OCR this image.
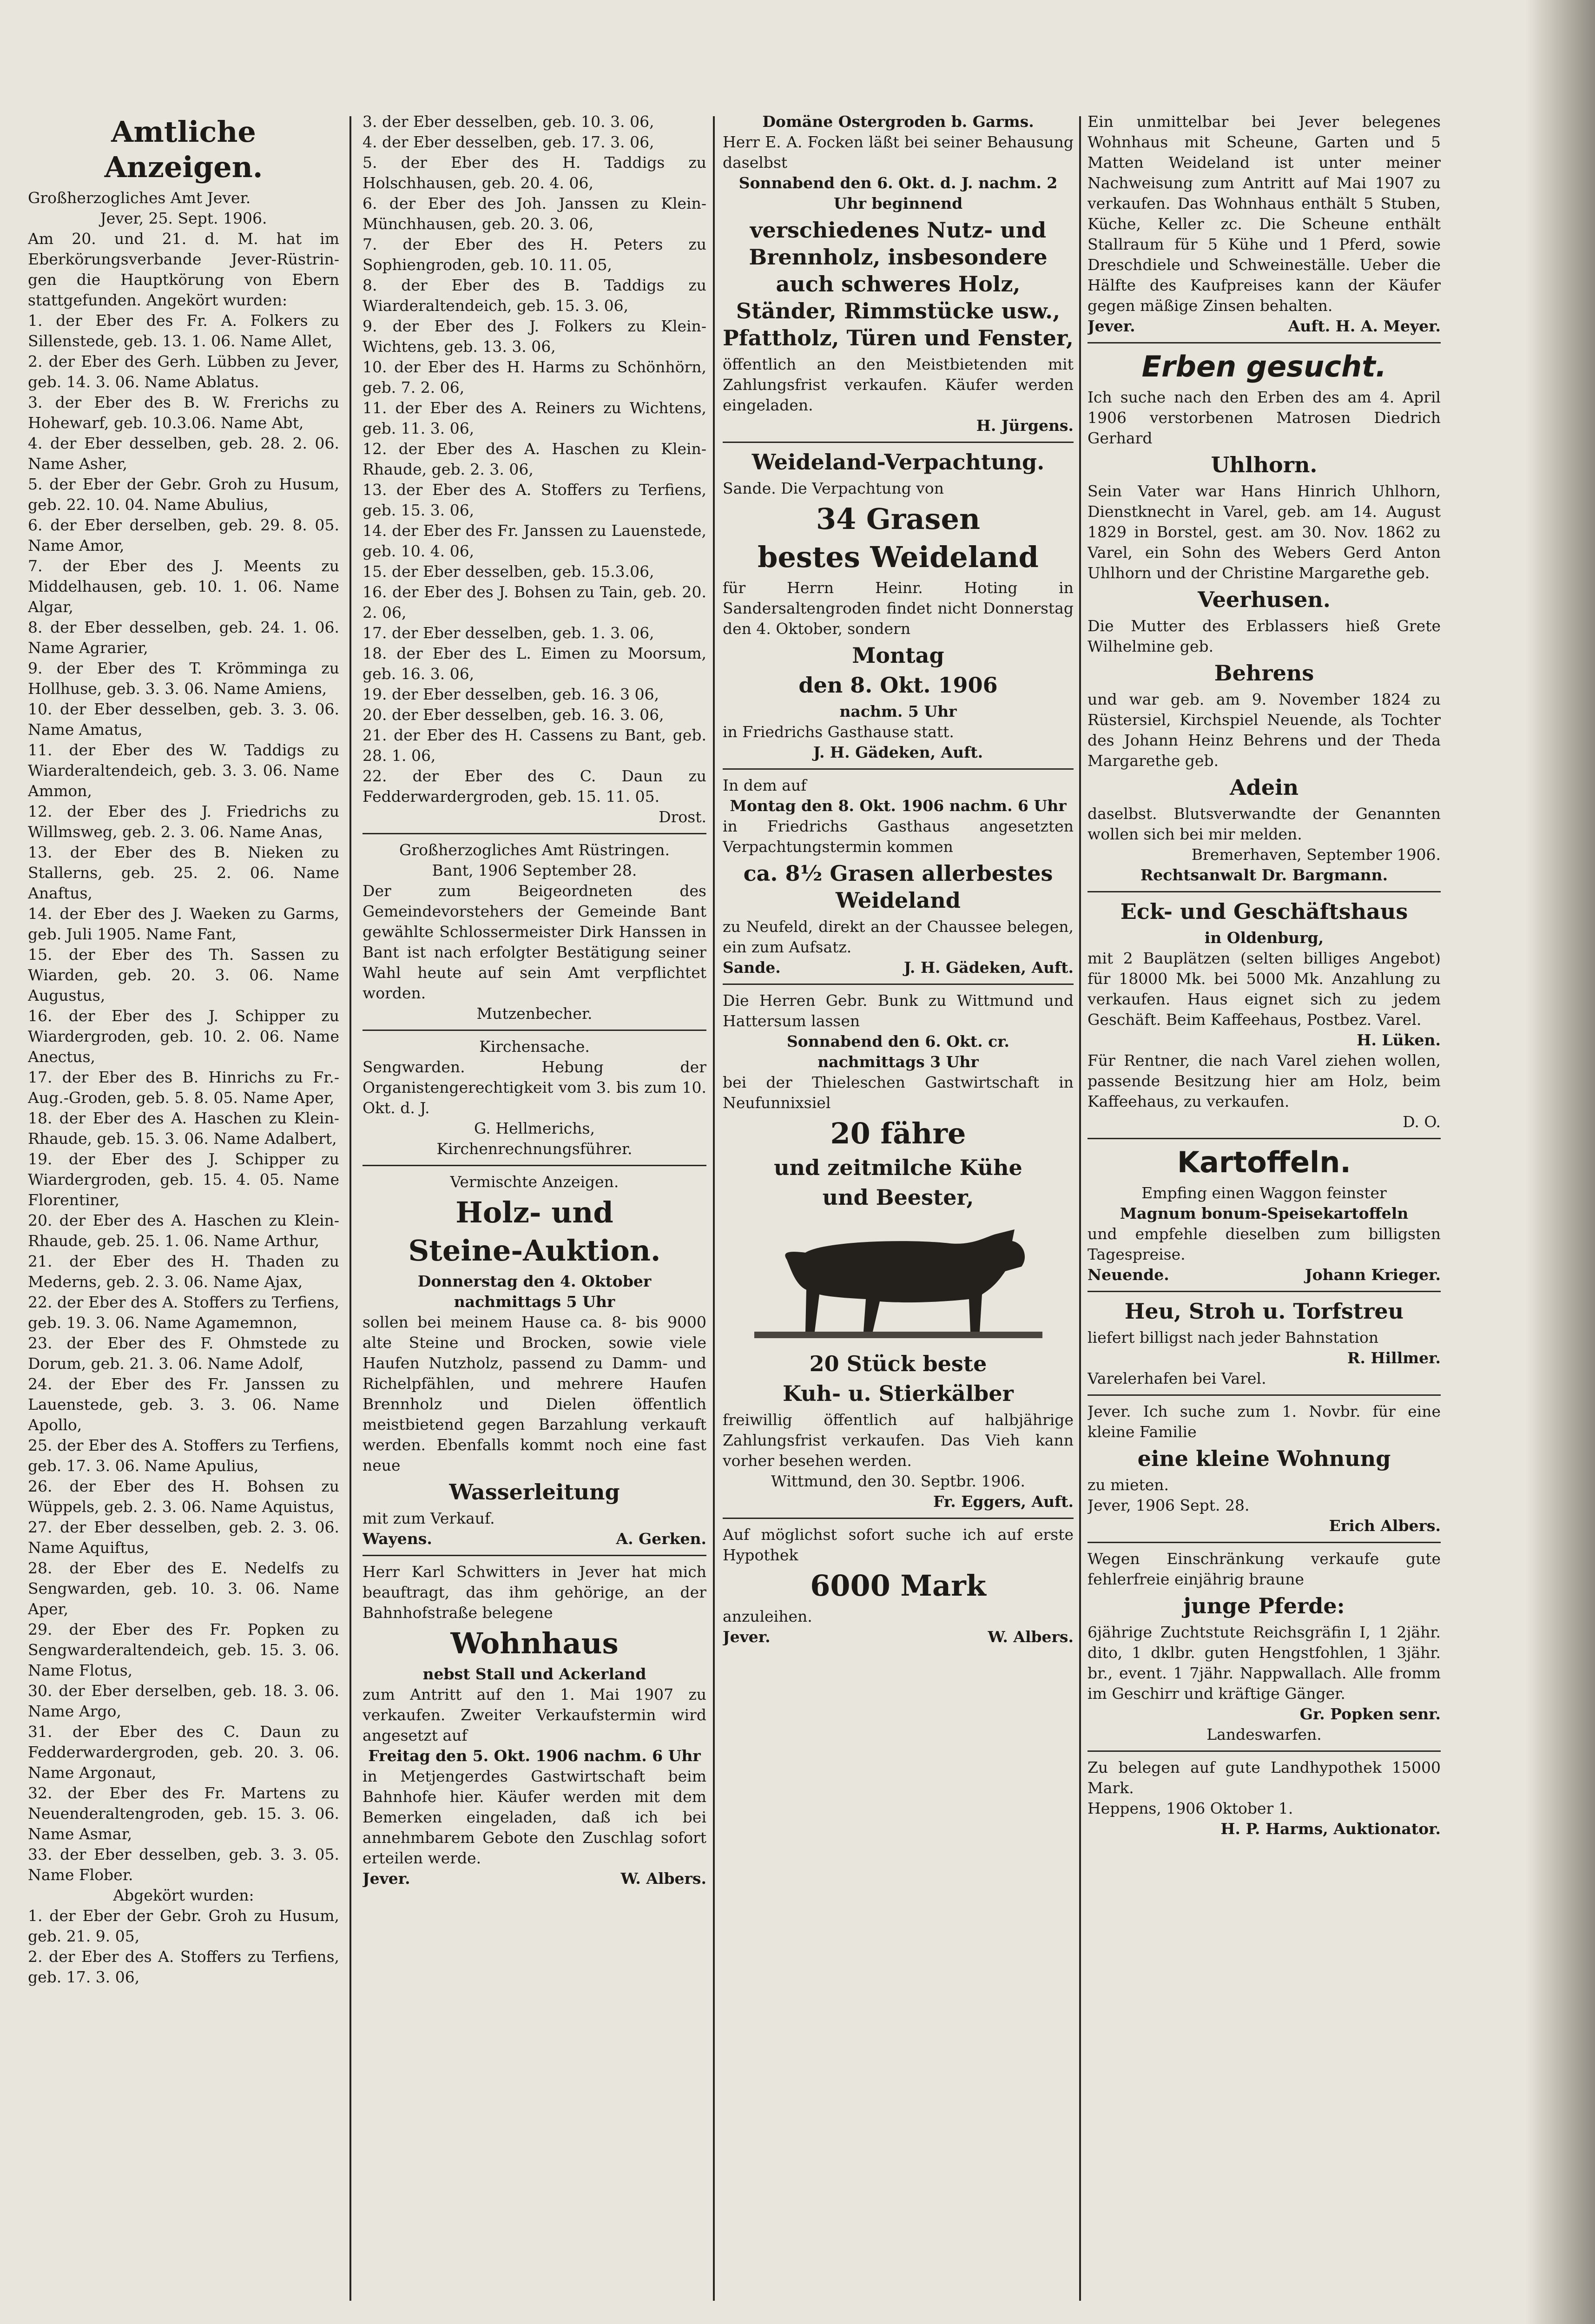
Amtliche Anzeigen.

Großherzogliches Amt Jever.

Jever, 25. Sept. 1906.

Am 20. und 21. d. M. hat im Eberkörungsverbande Jever-Rüstrin- gen die Hauptkörung von Ebern stattgefunden. Angekört wurden:

1. der Eber des Fr. A. Folkers zu Sillenstede, geb. 13. 1. 06. Name Allet,

2. der Eber des Gerh. Lübben zu Jever, geb. 14. 3. 06. Name Ablatus.

3. der Eber des B. W. Frerichs zu Hohewarf, geb. 10.3.06. Name Abt,

4. der Eber desselben, geb. 28. 2. 06. Name Asher,

5. der Eber der Gebr. Groh zu Husum, geb. 22. 10. 04. Name Abulius,

6. der Eber derselben, geb. 29. 8. 05. Name Amor,

7. der Eber des J. Meents zu Middelhausen, geb. 10. 1. 06. Name Algar,

8. der Eber desselben, geb. 24. 1. 06. Name Agrarier,

9. der Eber des T. Krömminga zu Hollhuse, geb. 3. 3. 06. Name Amiens,

10. der Eber desselben, geb. 3. 3. 06. Name Amatus,

11. der Eber des W. Taddigs zu Wiarderaltendeich, geb. 3. 3. 06. Name Ammon,

12. der Eber des J. Friedrichs zu Willmsweg, geb. 2. 3. 06. Name Anas,

13. der Eber des B. Nieken zu Stallerns, geb. 25. 2. 06. Name Anaftus,

14. der Eber des J. Waeken zu Garms, geb. Juli 1905. Name Fant,

15. der Eber des Th. Sassen zu Wiarden, geb. 20. 3. 06. Name Augustus,

16. der Eber des J. Schipper zu Wiardergroden, geb. 10. 2. 06. Name Anectus,

17. der Eber des B. Hinrichs zu Fr.-Aug.-Groden, geb. 5. 8. 05. Name Aper,

18. der Eber des A. Haschen zu Klein-Rhaude, geb. 15. 3. 06. Name Adalbert,

19. der Eber des J. Schipper zu Wiardergroden, geb. 15. 4. 05. Name Florentiner,

20. der Eber des A. Haschen zu Klein-Rhaude, geb. 25. 1. 06. Name Arthur,

21. der Eber des H. Thaden zu Mederns, geb. 2. 3. 06. Name Ajax,

22. der Eber des A. Stoffers zu Terfiens, geb. 19. 3. 06. Name Agamemnon,

23. der Eber des F. Ohmstede zu Dorum, geb. 21. 3. 06. Name Adolf,

24. der Eber des Fr. Janssen zu Lauenstede, geb. 3. 3. 06. Name Apollo,

25. der Eber des A. Stoffers zu Terfiens, geb. 17. 3. 06. Name Apulius,

26. der Eber des H. Bohsen zu Wüppels, geb. 2. 3. 06. Name Aquistus,

27. der Eber desselben, geb. 2. 3. 06. Name Aquiftus,

28. der Eber des E. Nedelfs zu Sengwarden, geb. 10. 3. 06. Name Aper,

29. der Eber des Fr. Popken zu Sengwarderaltendeich, geb. 15. 3. 06. Name Flotus,

30. der Eber derselben, geb. 18. 3. 06. Name Argo,

31. der Eber des C. Daun zu Fedderwardergroden, geb. 20. 3. 06. Name Argonaut,

32. der Eber des Fr. Martens zu Neuenderaltengroden, geb. 15. 3. 06. Name Asmar,

33. der Eber desselben, geb. 3. 3. 05. Name Flober.

Abgekört wurden:

1. der Eber der Gebr. Groh zu Husum, geb. 21. 9. 05,

2. der Eber des A. Stoffers zu Terfiens, geb. 17. 3. 06,

3. der Eber desselben, geb. 10. 3. 06,

4. der Eber desselben, geb. 17. 3. 06,

5. der Eber des H. Taddigs zu Holschhausen, geb. 20. 4. 06,

6. der Eber des Joh. Janssen zu Klein-Münchhausen, geb. 20. 3. 06,

7. der Eber des H. Peters zu Sophiengroden, geb. 10. 11. 05,

8. der Eber des B. Taddigs zu Wiarderaltendeich, geb. 15. 3. 06,

9. der Eber des J. Folkers zu Klein-Wichtens, geb. 13. 3. 06,

10. der Eber des H. Harms zu Schönhörn, geb. 7. 2. 06,

11. der Eber des A. Reiners zu Wichtens, geb. 11. 3. 06,

12. der Eber des A. Haschen zu Klein-Rhaude, geb. 2. 3. 06,

13. der Eber des A. Stoffers zu Terfiens, geb. 15. 3. 06,

14. der Eber des Fr. Janssen zu Lauenstede, geb. 10. 4. 06,

15. der Eber desselben, geb. 15.3.06,

16. der Eber des J. Bohsen zu Tain, geb. 20. 2. 06,

17. der Eber desselben, geb. 1. 3. 06,

18. der Eber des L. Eimen zu Moorsum, geb. 16. 3. 06,

19. der Eber desselben, geb. 16. 3 06,

20. der Eber desselben, geb. 16. 3. 06,

21. der Eber des H. Cassens zu Bant, geb. 28. 1. 06,

22. der Eber des C. Daun zu Fedderwardergroden, geb. 15. 11. 05.

Drost.

Großherzogliches Amt Rüstringen.

Bant, 1906 September 28.

Der zum Beigeordneten des Gemeindevorstehers der Gemeinde Bant gewählte Schlossermeister Dirk Hanssen in Bant ist nach erfolgter Bestätigung seiner Wahl heute auf sein Amt verpflichtet worden.

Mutzenbecher.

Kirchensache.

Sengwarden. Hebung der Organistengerechtigkeit vom 3. bis zum 10. Okt. d. J.

G. Hellmerichs,

Kirchenrechnungsführer.

Vermischte Anzeigen.

Holz- und
Steine-Auktion.

Donnerstag den 4. Oktober nachmittags 5 Uhr

sollen bei meinem Hause ca. 8- bis 9000 alte Steine und Brocken, sowie viele Haufen Nutzholz, passend zu Damm- und Richelpfählen, und mehrere Haufen Brennholz und Dielen öffentlich meistbietend gegen Barzahlung verkauft werden. Ebenfalls kommt noch eine fast neue

Wasserleitung

mit zum Verkauf.

Wayens.	A. Gerken.

Herr Karl Schwitters in Jever hat mich beauftragt, das ihm gehörige, an der Bahnhofstraße belegene

Wohnhaus

nebst Stall und Ackerland

zum Antritt auf den 1. Mai 1907 zu verkaufen. Zweiter Verkaufstermin wird angesetzt auf

Freitag den 5. Okt. 1906 nachm. 6 Uhr

in Metjengerdes Gastwirtschaft beim Bahnhofe hier. Käufer werden mit dem Bemerken eingeladen, daß ich bei annehmbarem Gebote den Zuschlag sofort erteilen werde.

Jever.	W. Albers.

Domäne Ostergroden b. Garms.

Herr E. A. Focken läßt bei seiner Behausung daselbst

Sonnabend den 6. Okt. d. J. nachm. 2 Uhr beginnend

verschiedenes Nutz- und Brennholz, insbesondere auch schweres Holz, Ständer, Rimmstücke usw., Pfattholz, Türen und Fenster,

öffentlich an den Meistbietenden mit Zahlungsfrist verkaufen. Käufer werden eingeladen.

H. Jürgens.

Weideland-Verpachtung.

Sande. Die Verpachtung von

34 Grasen
bestes Weideland

für Herrn Heinr. Hoting in Sandersaltengroden findet nicht Donnerstag den 4. Oktober, sondern

Montag
den 8. Okt. 1906

nachm. 5 Uhr

in Friedrichs Gasthause statt.

J. H. Gädeken, Auft.

In dem auf

Montag den 8. Okt. 1906 nachm. 6 Uhr

in Friedrichs Gasthaus angesetzten Verpachtungstermin kommen

ca. 8½ Grasen allerbestes Weideland

zu Neufeld, direkt an der Chaussee belegen, ein zum Aufsatz.

Sande.	J. H. Gädeken, Auft.

Die Herren Gebr. Bunk zu Wittmund und Hattersum lassen

Sonnabend den 6. Okt. cr.

nachmittags 3 Uhr

bei der Thieleschen Gastwirtschaft in Neufunnixsiel

20 fähre
und zeitmilche Kühe
und Beester,
20 Stück beste
Kuh- u. Stierkälber

freiwillig öffentlich auf halbjährige Zahlungsfrist verkaufen. Das Vieh kann vorher besehen werden.

Wittmund, den 30. Septbr. 1906.

Fr. Eggers, Auft.

Auf möglichst sofort suche ich auf erste Hypothek

6000 Mark

anzuleihen.

Jever.	W. Albers.

Ein unmittelbar bei Jever belegenes Wohnhaus mit Scheune, Garten und 5 Matten Weideland ist unter meiner Nachweisung zum Antritt auf Mai 1907 zu verkaufen. Das Wohnhaus enthält 5 Stuben, Küche, Keller zc. Die Scheune enthält Stallraum für 5 Kühe und 1 Pferd, sowie Dreschdiele und Schweineställe. Ueber die Hälfte des Kaufpreises kann der Käufer gegen mäßige Zinsen behalten.

Jever.	Auft. H. A. Meyer.
Erben gesucht.

Ich suche nach den Erben des am 4. April 1906 verstorbenen Matrosen Diedrich Gerhard

Uhlhorn.

Sein Vater war Hans Hinrich Uhlhorn, Dienstknecht in Varel, geb. am 14. August 1829 in Borstel, gest. am 30. Nov. 1862 zu Varel, ein Sohn des Webers Gerd Anton Uhlhorn und der Christine Margarethe geb.

Veerhusen.

Die Mutter des Erblassers hieß Grete Wilhelmine geb.

Behrens

und war geb. am 9. November 1824 zu Rüstersiel, Kirchspiel Neuende, als Tochter des Johann Heinz Behrens und der Theda Margarethe geb.

Adein

daselbst. Blutsverwandte der Genannten wollen sich bei mir melden.

Bremerhaven, September 1906.

Rechtsanwalt Dr. Bargmann.

Eck- und Geschäftshaus

in Oldenburg,

mit 2 Bauplätzen (selten billiges Angebot) für 18000 Mk. bei 5000 Mk. Anzahlung zu verkaufen. Haus eignet sich zu jedem Geschäft. Beim Kaffeehaus, Postbez. Varel.

H. Lüken.

Für Rentner, die nach Varel ziehen wollen, passende Besitzung hier am Holz, beim Kaffeehaus, zu verkaufen.

D. O.

Kartoffeln.

Empfing einen Waggon feinster

Magnum bonum-Speisekartoffeln

und empfehle dieselben zum billigsten Tagespreise.

Neuende.	Johann Krieger.
Heu, Stroh u. Torfstreu

liefert billigst nach jeder Bahnstation

R. Hillmer.

Varelerhafen bei Varel.

Jever. Ich suche zum 1. Novbr. für eine kleine Familie

eine kleine Wohnung

zu mieten.

Jever, 1906 Sept. 28.

Erich Albers.

Wegen Einschränkung verkaufe gute fehlerfreie einjährig braune

junge Pferde:

6jährige Zuchtstute Reichsgräfin I, 1 2jähr. dito, 1 dklbr. guten Hengstfohlen, 1 3jähr. br., event. 1 7jähr. Nappwallach. Alle fromm im Geschirr und kräftige Gänger.

Gr. Popken senr.

Landeswarfen.

Zu belegen auf gute Landhypothek 15000 Mark.

Heppens, 1906 Oktober 1.

H. P. Harms, Auktionator.
